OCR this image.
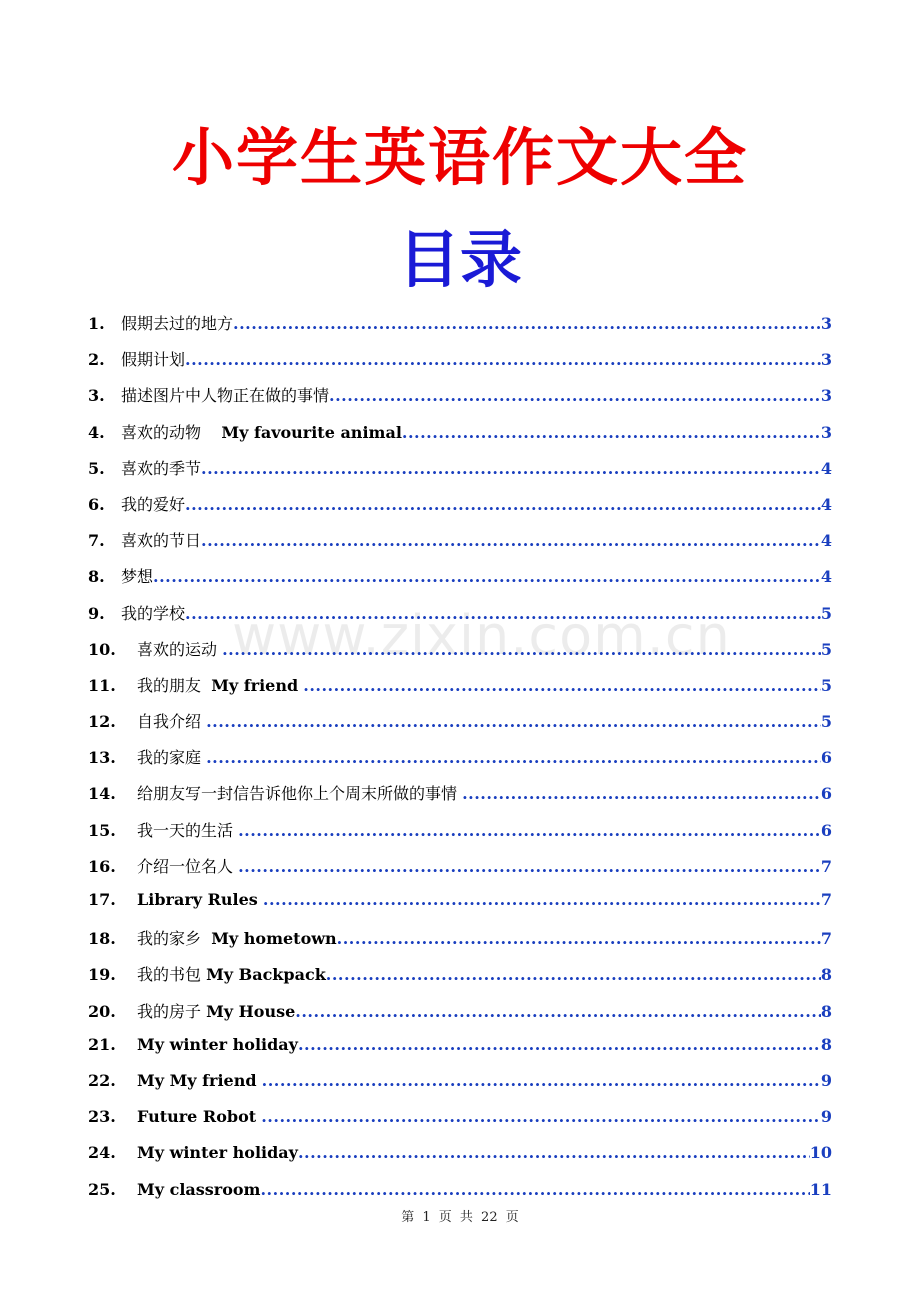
小学生英语作文大全
目录
www.zixin.com.cn
1.	假期去过的地方 .....	3
2.	假期计划 .....	3
3.	描述图片中人物正在做的事情 .....	3
4.	喜欢的动物    My favourite animal .....	3
5.	喜欢的季节 .....	4
6.	我的爱好 .....	4
7.	喜欢的节日 .....	4
8.	梦想 .....	4
9.	我的学校 .....	5
10.	喜欢的运动 .....	5
11.	我的朋友  My friend .....	5
12.	自我介绍 .....	5
13.	我的家庭 .....	6
14.	给朋友写一封信告诉他你上个周末所做的事情 .....	6
15.	我一天的生活 .....	6
16.	介绍一位名人 .....	7
17.	Library Rules .....	7
18.	我的家乡  My hometown .....	7
19.	我的书包 My Backpack .....	8
20.	我的房子 My House .....	8
21.	My winter holiday .....	8
22.	My My friend .....	9
23.	Future Robot .....	9
24.	My winter holiday .....	10
25.	My classroom .....	11
第 1 页 共 22 页
